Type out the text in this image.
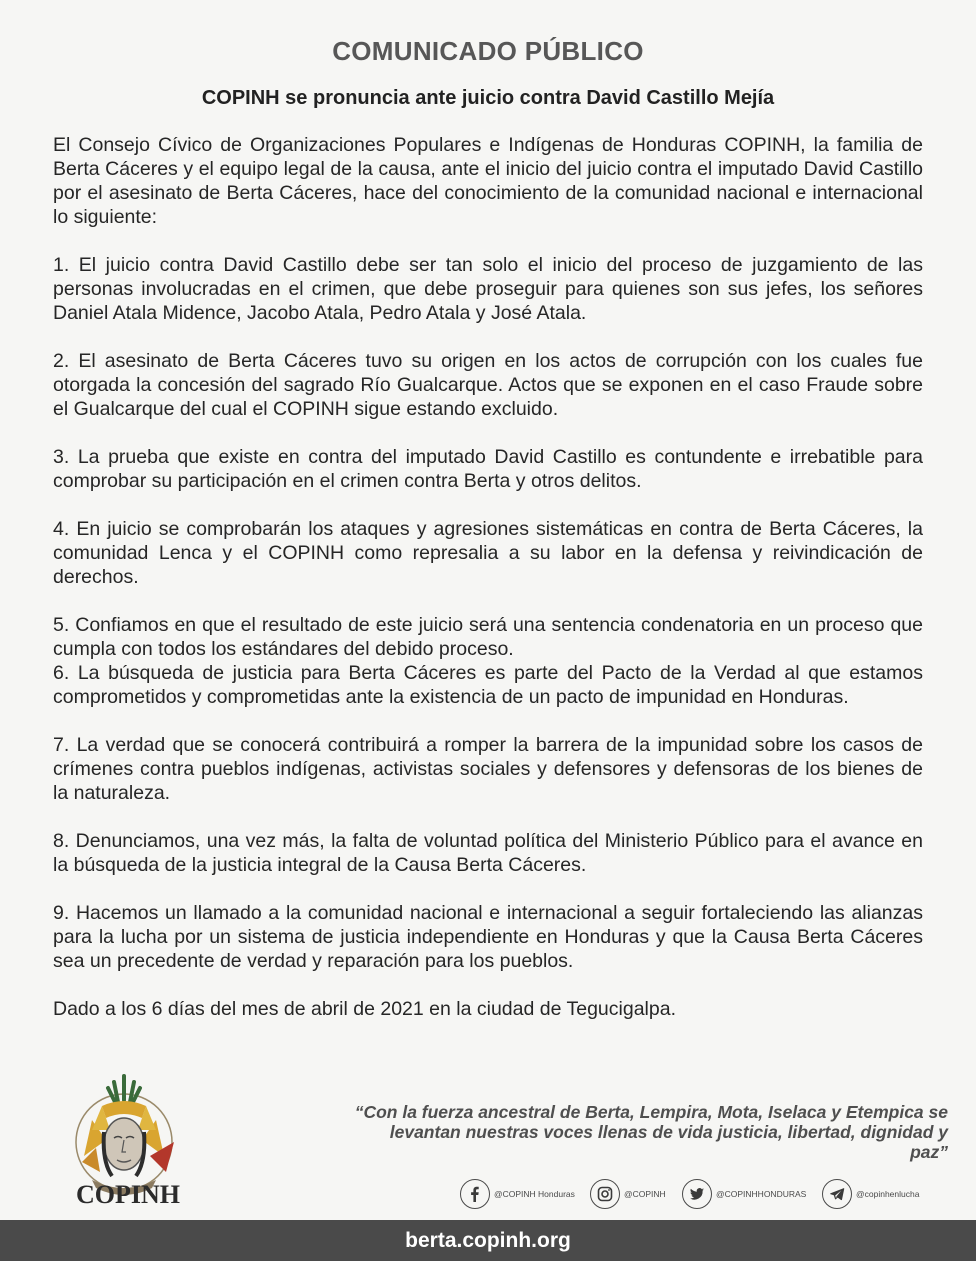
COMUNICADO PÚBLICO
COPINH se pronuncia ante juicio contra David Castillo Mejía

El Consejo Cívico de Organizaciones Populares e Indígenas de Honduras COPINH, la familia de Berta Cáceres y el equipo legal de la causa, ante el inicio del juicio contra el imputado David Castillo por el asesinato de Berta Cáceres, hace del conocimiento de la comunidad nacional e internacional lo siguiente:

1. El juicio contra David Castillo debe ser tan solo el inicio del proceso de juzgamiento de las personas involucradas en el crimen, que debe proseguir para quienes son sus jefes, los señores Daniel Atala Midence, Jacobo Atala, Pedro Atala y José Atala.

2. El asesinato de Berta Cáceres tuvo su origen en los actos de corrupción con los cuales fue otorgada la concesión del sagrado Río Gualcarque. Actos que se exponen en el caso Fraude sobre el Gualcarque del cual el COPINH sigue estando excluido.

3. La prueba que existe en contra del imputado David Castillo es contundente e irrebatible para comprobar su participación en el crimen contra Berta y otros delitos.

4. En juicio se comprobarán los ataques y agresiones sistemáticas en contra de Berta Cáceres, la comunidad Lenca y el COPINH como represalia a su labor en la defensa y reivindicación de derechos.

5. Confiamos en que el resultado de este juicio será una sentencia condenatoria en un proceso que cumpla con todos los estándares del debido proceso.

6. La búsqueda de justicia para Berta Cáceres es parte del Pacto de la Verdad al que estamos comprometidos y comprometidas ante la existencia de un pacto de impunidad en Honduras.

7. La verdad que se conocerá contribuirá a romper la barrera de la impunidad sobre los casos de crímenes contra pueblos indígenas, activistas sociales y defensores y defensoras de los bienes de la naturaleza.

8. Denunciamos, una vez más, la falta de voluntad política del Ministerio Público para el avance en la búsqueda de la justicia integral de la Causa Berta Cáceres.

9. Hacemos un llamado a la comunidad nacional e internacional a seguir fortaleciendo las alianzas para la lucha por un sistema de justicia independiente en Honduras y que la Causa Berta Cáceres sea un precedente de verdad y reparación para los pueblos.

Dado a los 6 días del mes de abril de 2021 en la ciudad de Tegucigalpa.

COPINH
“Con la fuerza ancestral de Berta, Lempira, Mota, Iselaca y Etempica se levantan nuestras voces llenas de vida justicia, libertad, dignidad y paz”
@COPINH Honduras	@COPINH	@COPINHHONDURAS	@copinhenlucha
berta.copinh.org
